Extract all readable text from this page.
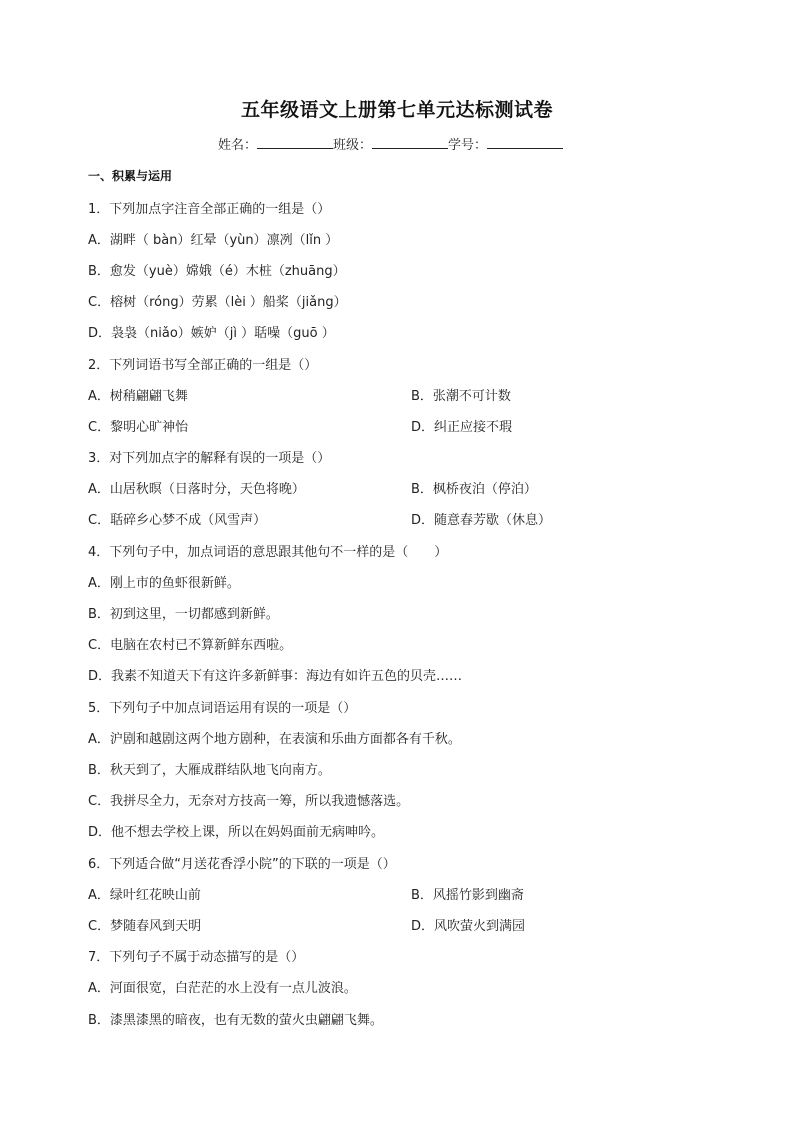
五年级语文上册第七单元达标测试卷
姓名：	班级：	学号：
一、积累与运用
1．下列加点字注音全部正确的一组是（）
A．湖畔（ bàn）红晕（yùn）凛冽（lǐn ）
B．愈发（yuè）嫦娥（é）木桩（zhuāng）
C．榕树（róng）劳累（lèi ）船桨（jiǎng）
D．袅袅（niǎo）嫉妒（jì ）聒噪（guō ）
2．下列词语书写全部正确的一组是（）
A．树稍翩翩飞舞	B．张潮不可计数
C．黎明心旷神怡	D．纠正应接不瑕
3．对下列加点字的解释有误的一项是（）
A．山居秋暝（日落时分，天色将晚）	B．枫桥夜泊（停泊）
C．聒碎乡心梦不成（风雪声）	D．随意春芳歇（休息）
4．下列句子中，加点词语的意思跟其他句不一样的是（　　）
A．刚上市的鱼虾很新鲜。
B．初到这里，一切都感到新鲜。
C．电脑在农村已不算新鲜东西啦。
D．我素不知道天下有这许多新鲜事：海边有如许五色的贝壳……
5．下列句子中加点词语运用有误的一项是（）
A．沪剧和越剧这两个地方剧种，在表演和乐曲方面都各有千秋。
B．秋天到了，大雁成群结队地飞向南方。
C．我拼尽全力，无奈对方技高一筹，所以我遗憾落选。
D．他不想去学校上课，所以在妈妈面前无病呻吟。
6．下列适合做“月送花香浮小院”的下联的一项是（）
A．绿叶红花映山前	B．风摇竹影到幽斋
C．梦随春风到天明	D．风吹萤火到满园
7．下列句子不属于动态描写的是（）
A．河面很宽，白茫茫的水上没有一点儿波浪。
B．漆黑漆黑的暗夜，也有无数的萤火虫翩翩飞舞。
